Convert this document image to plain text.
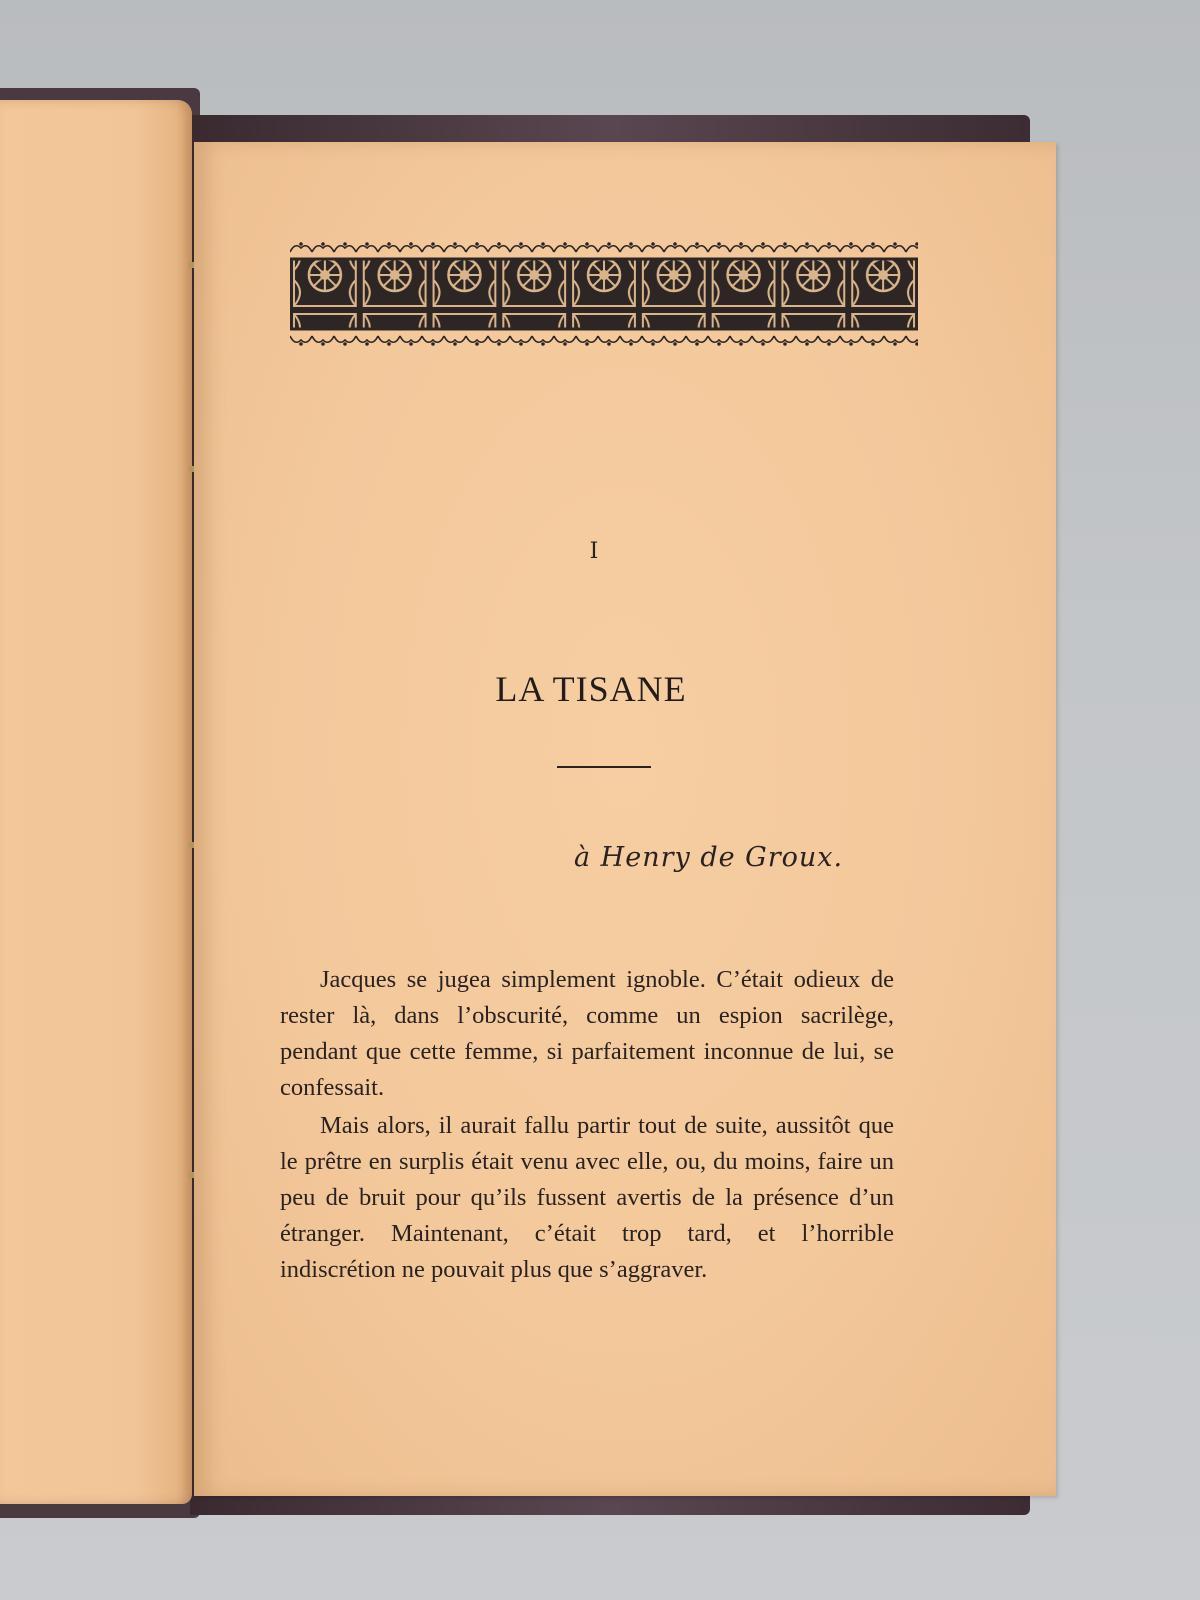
I
LA TISANE
à Henry de Groux.

Jacques se jugea simplement ignoble. C’était odieux de rester là, dans l’obscurité, comme un espion sacrilège, pendant que cette femme, si parfaitement inconnue de lui, se confessait.

Mais alors, il aurait fallu partir tout de suite, aussitôt que le prêtre en surplis était venu avec elle, ou, du moins, faire un peu de bruit pour qu’ils fussent avertis de la présence d’un étranger. Maintenant, c’était trop tard, et l’horrible indiscrétion ne pouvait plus que s’aggraver.
